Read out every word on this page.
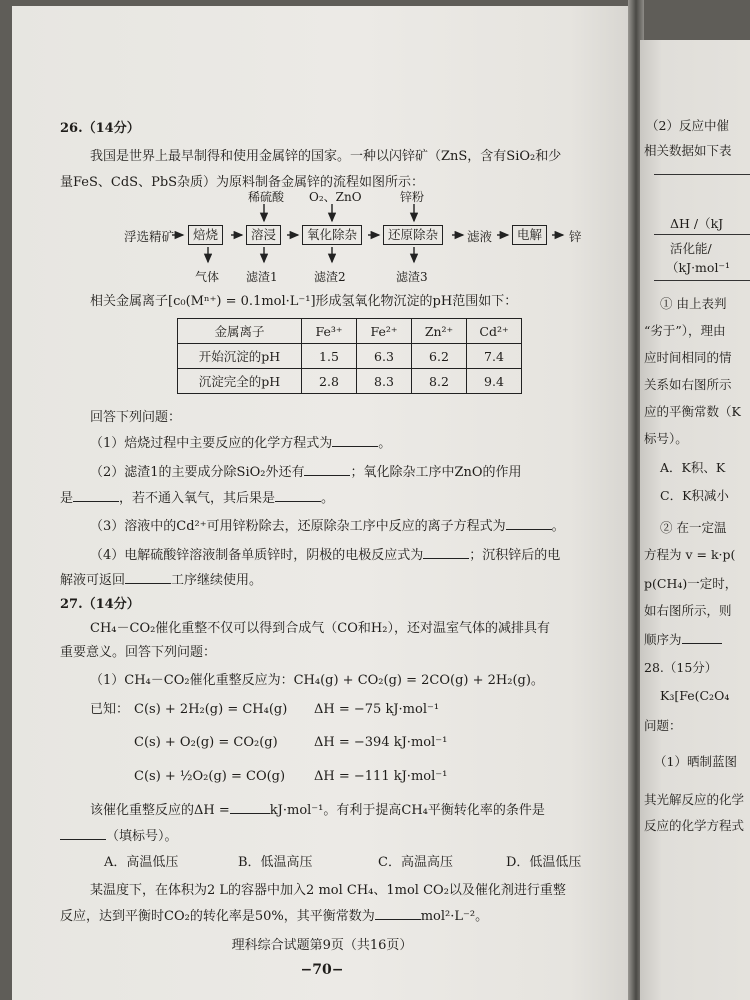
26.（14分）
我国是世界上最早制得和使用金属锌的国家。一种以闪锌矿（ZnS，含有SiO₂和少
量FeS、CdS、PbS杂质）为原料制备金属锌的流程如图所示：
浮选精矿	焙烧	溶浸	氧化除杂	还原除杂	滤液	电解	锌
稀硫酸 O₂、ZnO	锌粉
气体 滤渣1	滤渣2	滤渣3
相关金属离子[c₀(Mⁿ⁺) = 0.1mol·L⁻¹]形成氢氧化物沉淀的pH范围如下：
金属离子	Fe³⁺	Fe²⁺	Zn²⁺	Cd²⁺
开始沉淀的pH	1.5	6.3	6.2	7.4
沉淀完全的pH	2.8	8.3	8.2	9.4
回答下列问题：
（1）焙烧过程中主要反应的化学方程式为	。
（2）滤渣1的主要成分除SiO₂外还有	；氧化除杂工序中ZnO的作用
是	，若不通入氧气，其后果是	。
（3）溶液中的Cd²⁺可用锌粉除去，还原除杂工序中反应的离子方程式为	。
（4）电解硫酸锌溶液制备单质锌时，阴极的电极反应式为	；沉积锌后的电
解液可返回	工序继续使用。
27.（14分）
CH₄－CO₂催化重整不仅可以得到合成气（CO和H₂），还对温室气体的减排具有
重要意义。回答下列问题：
（1）CH₄－CO₂催化重整反应为：CH₄(g) + CO₂(g) = 2CO(g) + 2H₂(g)。
已知： C(s) + 2H₂(g) = CH₄(g) ΔH = −75 kJ·mol⁻¹
C(s) + O₂(g) = CO₂(g)	ΔH = −394 kJ·mol⁻¹
C(s) + ½O₂(g) = CO(g) ΔH = −111 kJ·mol⁻¹
该催化重整反应的ΔH =	kJ·mol⁻¹。有利于提高CH₄平衡转化率的条件是
（填标号）。
A．高温低压	B．低温高压	C．高温高压	D．低温低压
某温度下，在体积为2 L的容器中加入2 mol CH₄、1mol CO₂以及催化剂进行重整
反应，达到平衡时CO₂的转化率是50%，其平衡常数为	mol²·L⁻²。
理科综合试题第9页（共16页）
−70−
（2）反应中催
相关数据如下表
ΔH /（kJ
活化能/
（kJ·mol⁻¹
① 由上表判
“劣于”），理由
应时间相同的情
关系如右图所示
应的平衡常数（K
标号）。
A．K积、K
C．K积减小
② 在一定温
方程为 v = k·p(
p(CH₄)一定时，
如右图所示，则
顺序为
28.（15分）
K₃[Fe(C₂O₄
问题：
（1）晒制蓝图
其光解反应的化学
反应的化学方程式
